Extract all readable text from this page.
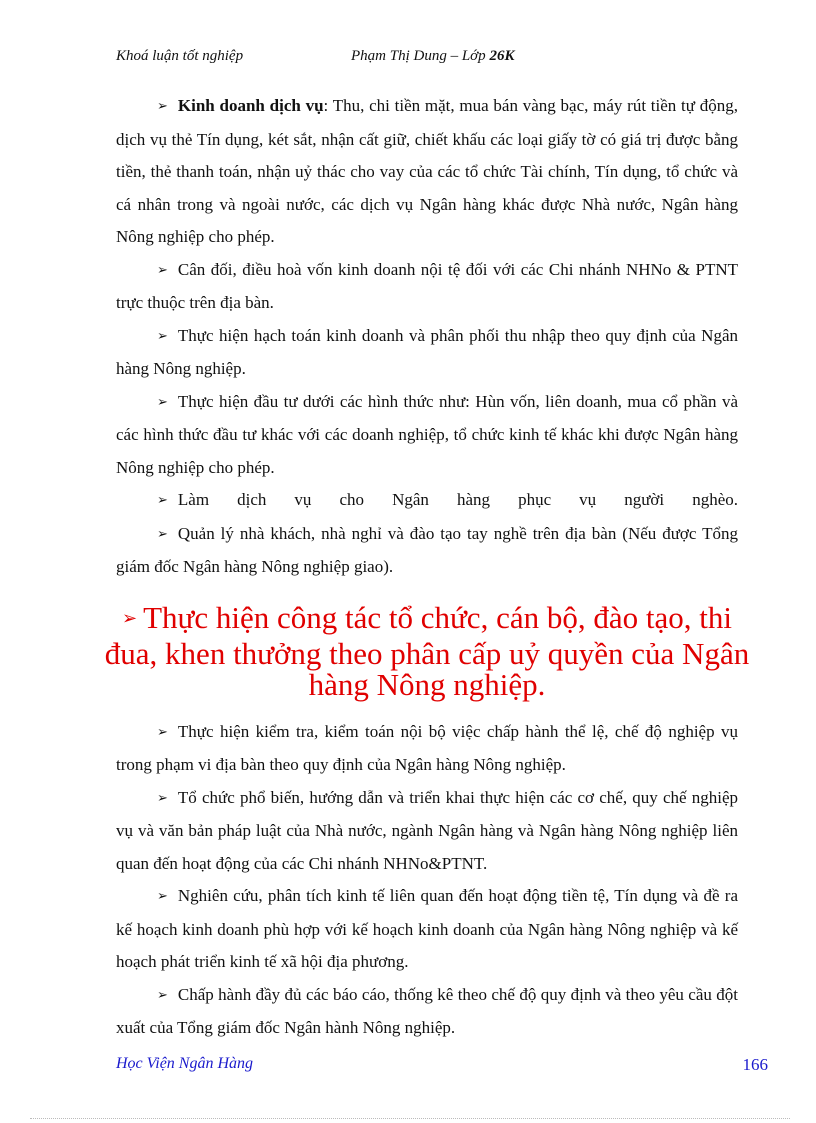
Khoá luận tốt nghiệp	Phạm Thị Dung – Lớp 26K

➢ Kinh doanh dịch vụ: Thu, chi tiền mặt, mua bán vàng bạc, máy rút tiền tự động, dịch vụ thẻ Tín dụng, két sắt, nhận cất giữ, chiết khấu các loại giấy tờ có giá trị được bằng tiền, thẻ thanh toán, nhận uỷ thác cho vay của các tổ chức Tài chính, Tín dụng, tổ chức và cá nhân trong và ngoài nước, các dịch vụ Ngân hàng khác được Nhà nước, Ngân hàng Nông nghiệp cho phép.

➢ Cân đối, điều hoà vốn kinh doanh nội tệ đối với các Chi nhánh NHNo & PTNT trực thuộc trên địa bàn.

➢ Thực hiện hạch toán kinh doanh và phân phối thu nhập theo quy định của Ngân hàng Nông nghiệp.

➢ Thực hiện đầu tư dưới các hình thức như: Hùn vốn, liên doanh, mua cổ phần và các hình thức đầu tư khác với các doanh nghiệp, tổ chức kinh tế khác khi được Ngân hàng Nông nghiệp cho phép.

➢ Làm dịch vụ cho Ngân hàng phục vụ người nghèo.

➢ Quản lý nhà khách, nhà nghỉ và đào tạo tay nghề trên địa bàn (Nếu được Tổng giám đốc Ngân hàng Nông nghiệp giao).

➢ Thực hiện công tác tổ chức, cán bộ, đào tạo, thi đua, khen thưởng theo phân cấp uỷ quyền của Ngân hàng Nông nghiệp.

➢ Thực hiện kiểm tra, kiểm toán nội bộ việc chấp hành thể lệ, chế độ nghiệp vụ trong phạm vi địa bàn theo quy định của Ngân hàng Nông nghiệp.

➢ Tổ chức phổ biến, hướng dẫn và triển khai thực hiện các cơ chế, quy chế nghiệp vụ và văn bản pháp luật của Nhà nước, ngành Ngân hàng và Ngân hàng Nông nghiệp liên quan đến hoạt động của các Chi nhánh NHNo&PTNT.

➢ Nghiên cứu, phân tích kinh tế liên quan đến hoạt động tiền tệ, Tín dụng và đề ra kế hoạch kinh doanh phù hợp với kế hoạch kinh doanh của Ngân hàng Nông nghiệp và kế hoạch phát triển kinh tế xã hội địa phương.

➢ Chấp hành đầy đủ các báo cáo, thống kê theo chế độ quy định và theo yêu cầu đột xuất của Tổng giám đốc Ngân hành Nông nghiệp.

Học Viện Ngân Hàng	166
